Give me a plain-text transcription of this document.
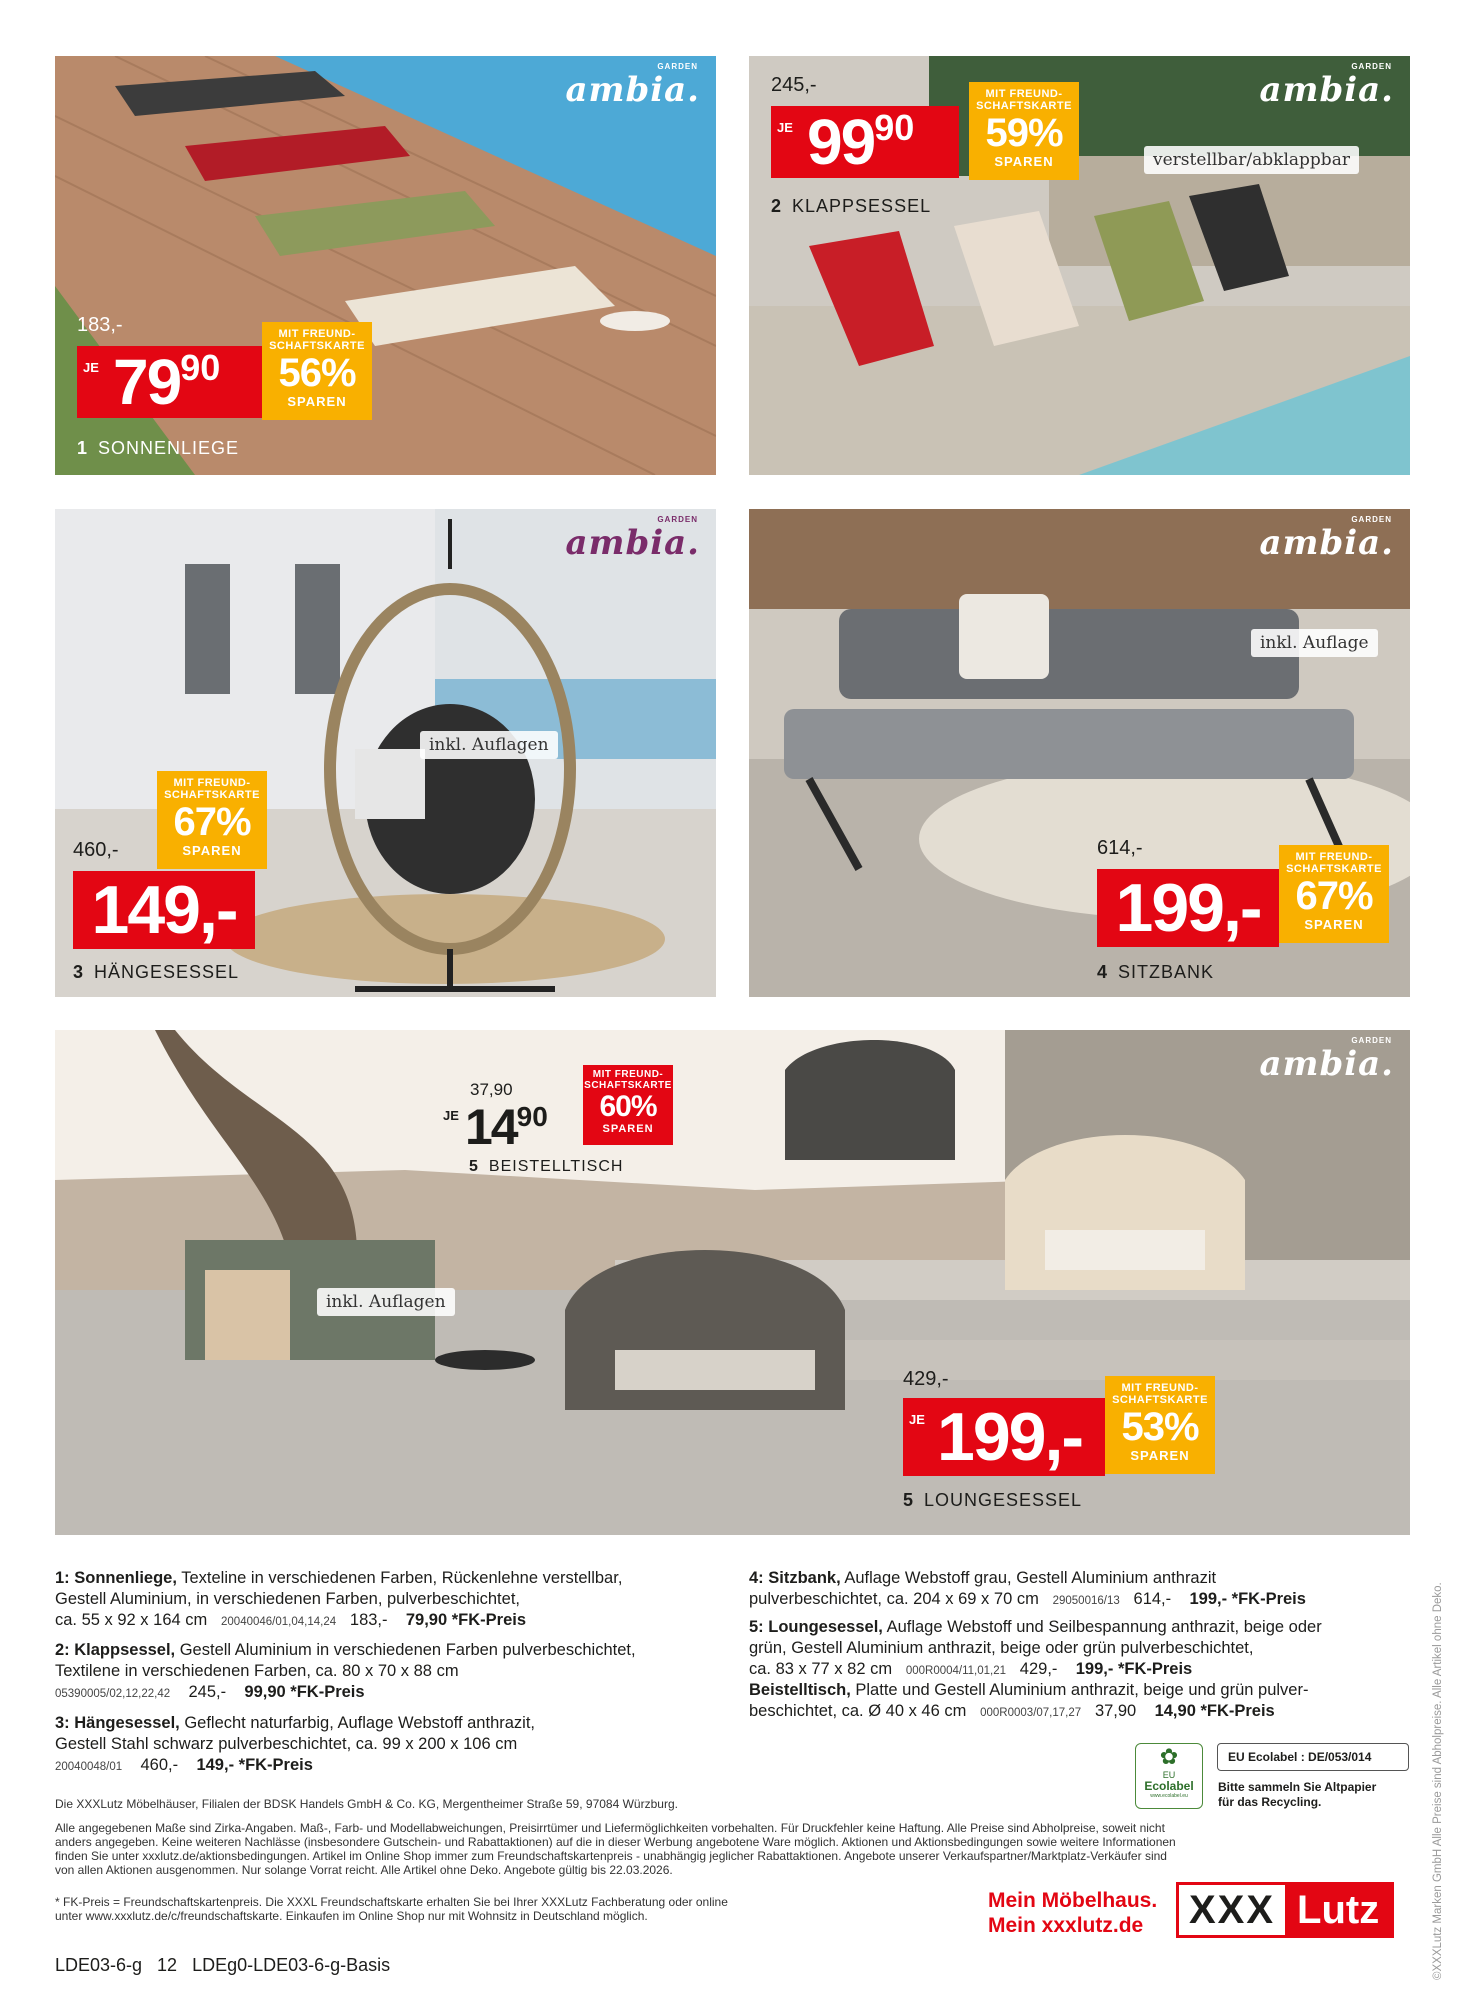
ambia.
GARDEN
183,-
JE 79 90
MIT FREUND-
SCHAFTSKARTE
56%
SPAREN
1 SONNENLIEGE
ambia.
GARDEN
245,-
JE 99 90
MIT FREUND-
SCHAFTSKARTE
59%
SPAREN
2 KLAPPSESSEL
verstellbar/abklappbar
ambia.
GARDEN
MIT FREUND-
SCHAFTSKARTE
67%
SPAREN
460,-
149,-
3 HÄNGESESSEL
inkl. Auflagen
ambia.
GARDEN
inkl. Auflage
614,-
199,-
MIT FREUND-
SCHAFTSKARTE
67%
SPAREN
4 SITZBANK
ambia.
GARDEN
37,90
JE 1490
MIT FREUND-
SCHAFTSKARTE
60%
SPAREN
5 BEISTELLTISCH
inkl. Auflagen
429,-
JE 199,-
MIT FREUND-
SCHAFTSKARTE
53%
SPAREN
5 LOUNGESESSEL
1: Sonnenliege, Texteline in verschiedenen Farben, Rückenlehne verstellbar,
Gestell Aluminium, in verschiedenen Farben, pulverbeschichtet,
ca. 55 x 92 x 164 cm 20040046/01,04,14,24 183,- 79,90 *FK-Preis
2: Klappsessel, Gestell Aluminium in verschiedenen Farben pulverbeschichtet,
Textilene in verschiedenen Farben, ca. 80 x 70 x 88 cm
05390005/02,12,22,42 245,- 99,90 *FK-Preis
3: Hängesessel, Geflecht naturfarbig, Auflage Webstoff anthrazit,
Gestell Stahl schwarz pulverbeschichtet, ca. 99 x 200 x 106 cm
20040048/01 460,- 149,- *FK-Preis
4: Sitzbank, Auflage Webstoff grau, Gestell Aluminium anthrazit
pulverbeschichtet, ca. 204 x 69 x 70 cm 29050016/13 614,- 199,- *FK-Preis
5: Loungesessel, Auflage Webstoff und Seilbespannung anthrazit, beige oder
grün, Gestell Aluminium anthrazit, beige oder grün pulverbeschichtet,
ca. 83 x 77 x 82 cm 000R0004/11,01,21 429,- 199,- *FK-Preis
Beistelltisch, Platte und Gestell Aluminium anthrazit, beige und grün pulver-
beschichtet, ca. Ø 40 x 46 cm 000R0003/07,17,27 37,90 14,90 *FK-Preis
✿
EU
Ecolabel
www.ecolabel.eu
EU Ecolabel : DE/053/014
Bitte sammeln Sie Altpapier
für das Recycling.
Die XXXLutz Möbelhäuser, Filialen der BDSK Handels GmbH & Co. KG, Mergentheimer Straße 59, 97084 Würzburg.
Alle angegebenen Maße sind Zirka-Angaben. Maß-, Farb- und Modellabweichungen, Preisirrtümer und Liefermöglichkeiten vorbehalten. Für Druckfehler keine Haftung. Alle Preise sind Abholpreise, soweit nicht
anders angegeben. Keine weiteren Nachlässe (insbesondere Gutschein- und Rabattaktionen) auf die in dieser Werbung angebotene Ware möglich. Aktionen und Aktionsbedingungen sowie weitere Informationen
finden Sie unter xxxlutz.de/aktionsbedingungen. Artikel im Online Shop immer zum Freundschaftskartenpreis - unabhängig jeglicher Rabattaktionen. Angebote unserer Verkaufspartner/Marktplatz-Verkäufer sind
von allen Aktionen ausgenommen. Nur solange Vorrat reicht. Alle Artikel ohne Deko. Angebote gültig bis 22.03.2026.
* FK-Preis = Freundschaftskartenpreis. Die XXXL Freundschaftskarte erhalten Sie bei Ihrer XXXLutz Fachberatung oder online
unter www.xxxlutz.de/c/freundschaftskarte. Einkaufen im Online Shop nur mit Wohnsitz in Deutschland möglich.
Mein Möbelhaus.
Mein xxxlutz.de	XXX Lutz
LDE03-6-g   12   LDEg0-LDE03-6-g-Basis	©XXXLutz Marken GmbH Alle Preise sind Abholpreise. Alle Artikel ohne Deko.
